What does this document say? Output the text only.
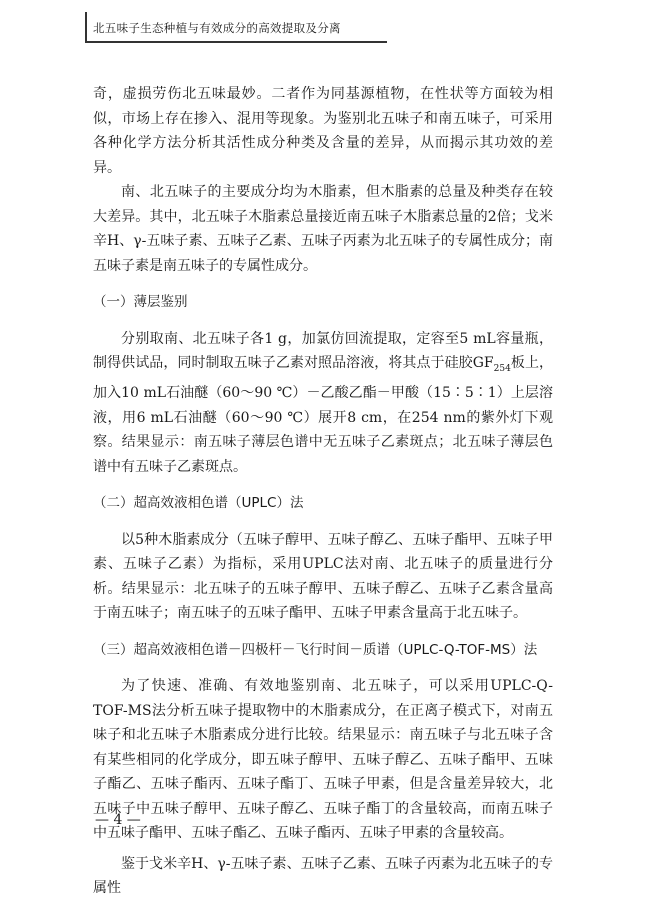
北五味子生态种植与有效成分的高效提取及分离

奇，虚损劳伤北五味最妙。二者作为同基源植物，在性状等方面较为相似，市场上存在掺入、混用等现象。为鉴别北五味子和南五味子，可采用各种化学方法分析其活性成分种类及含量的差异，从而揭示其功效的差异。

南、北五味子的主要成分均为木脂素，但木脂素的总量及种类存在较大差异。其中，北五味子木脂素总量接近南五味子木脂素总量的2倍；戈米辛H、γ-五味子素、五味子乙素、五味子丙素为北五味子的专属性成分；南五味子素是南五味子的专属性成分。

（一）薄层鉴别

分别取南、北五味子各1 g，加氯仿回流提取，定容至5 mL容量瓶，制得供试品，同时制取五味子乙素对照品溶液，将其点于硅胶$GF_{254}$板上，加入10 mL石油醚（60～90 ℃）－乙酸乙酯－甲酸（15∶5∶1）上层溶液，用6 mL石油醚（60～90 ℃）展开8 cm，在254 nm的紫外灯下观察。结果显示：南五味子薄层色谱中无五味子乙素斑点；北五味子薄层色谱中有五味子乙素斑点。

（二）超高效液相色谱（UPLC）法

以5种木脂素成分（五味子醇甲、五味子醇乙、五味子酯甲、五味子甲素、五味子乙素）为指标，采用UPLC法对南、北五味子的质量进行分析。结果显示：北五味子的五味子醇甲、五味子醇乙、五味子乙素含量高于南五味子；南五味子的五味子酯甲、五味子甲素含量高于北五味子。

（三）超高效液相色谱－四极杆－飞行时间－质谱（UPLC-Q-TOF-MS）法

为了快速、准确、有效地鉴别南、北五味子，可以采用UPLC-Q-TOF-MS法分析五味子提取物中的木脂素成分，在正离子模式下，对南五味子和北五味子木脂素成分进行比较。结果显示：南五味子与北五味子含有某些相同的化学成分，即五味子醇甲、五味子醇乙、五味子酯甲、五味子酯乙、五味子酯丙、五味子酯丁、五味子甲素，但是含量差异较大，北五味子中五味子醇甲、五味子醇乙、五味子酯丁的含量较高，而南五味子中五味子酯甲、五味子酯乙、五味子酯丙、五味子甲素的含量较高。

鉴于戈米辛H、γ-五味子素、五味子乙素、五味子丙素为北五味子的专属性

— 4 —
